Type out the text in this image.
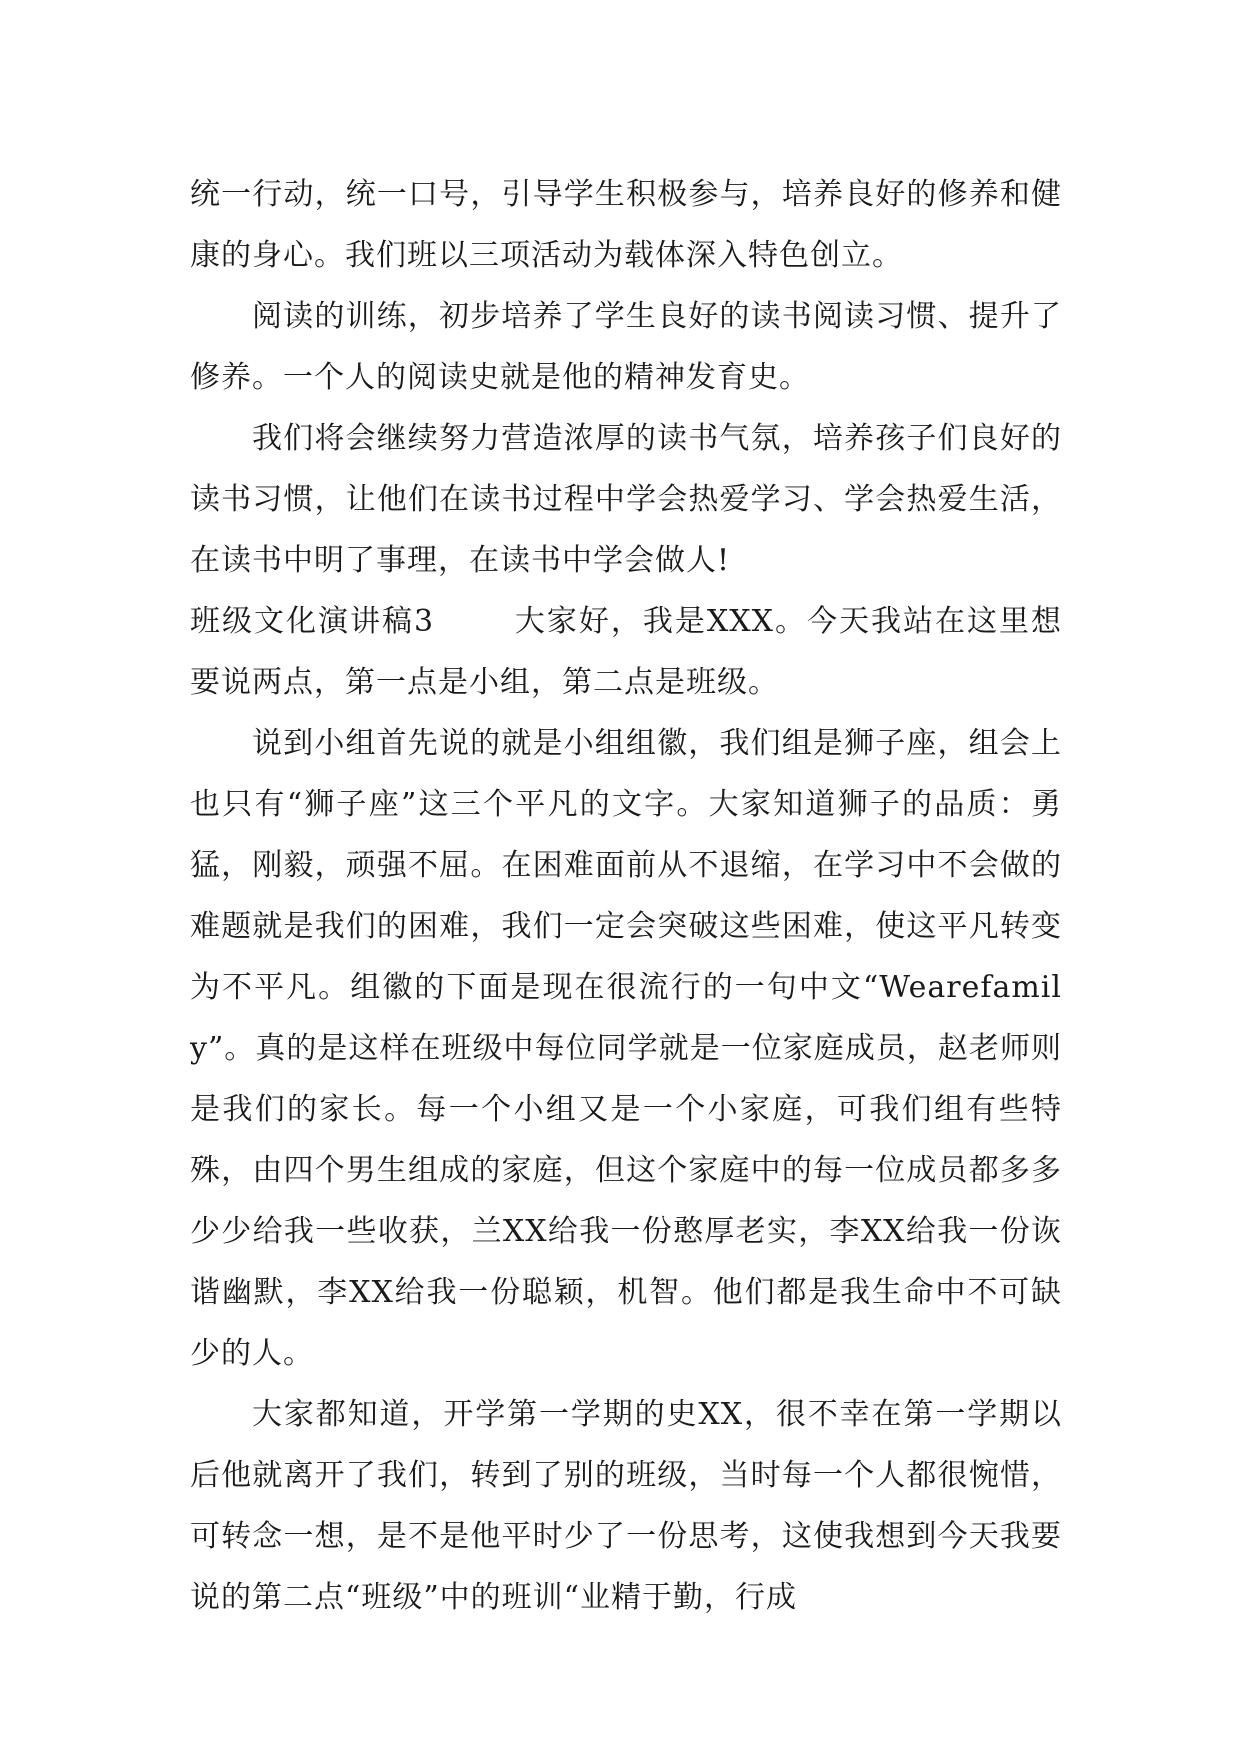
统一行动，统一口号，引导学生积极参与，培养良好的修养和健康的身心。我们班以三项活动为载体深入特色创立。

阅读的训练，初步培养了学生良好的读书阅读习惯、提升了修养。一个人的阅读史就是他的精神发育史。

我们将会继续努力营造浓厚的读书气氛，培养孩子们良好的读书习惯，让他们在读书过程中学会热爱学习、学会热爱生活，在读书中明了事理，在读书中学会做人!

班级文化演讲稿3	大家好，我是XXX。今天我站在这里想要说两点，第一点是小组，第二点是班级。

说到小组首先说的就是小组组徽，我们组是狮子座，组会上也只有“狮子座”这三个平凡的文字。大家知道狮子的品质：勇猛，刚毅，顽强不屈。在困难面前从不退缩，在学习中不会做的难题就是我们的困难，我们一定会突破这些困难，使这平凡转变为不平凡。组徽的下面是现在很流行的一句中文“Wearefamily”。真的是这样在班级中每位同学就是一位家庭成员，赵老师则是我们的家长。每一个小组又是一个小家庭，可我们组有些特殊，由四个男生组成的家庭，但这个家庭中的每一位成员都多多少少给我一些收获，兰XX给我一份憨厚老实，李XX给我一份诙谐幽默，李XX给我一份聪颖，机智。他们都是我生命中不可缺少的人。

大家都知道，开学第一学期的史XX，很不幸在第一学期以后他就离开了我们，转到了别的班级，当时每一个人都很惋惜，可转念一想，是不是他平时少了一份思考，这使我想到今天我要说的第二点“班级”中的班训“业精于勤，行成
